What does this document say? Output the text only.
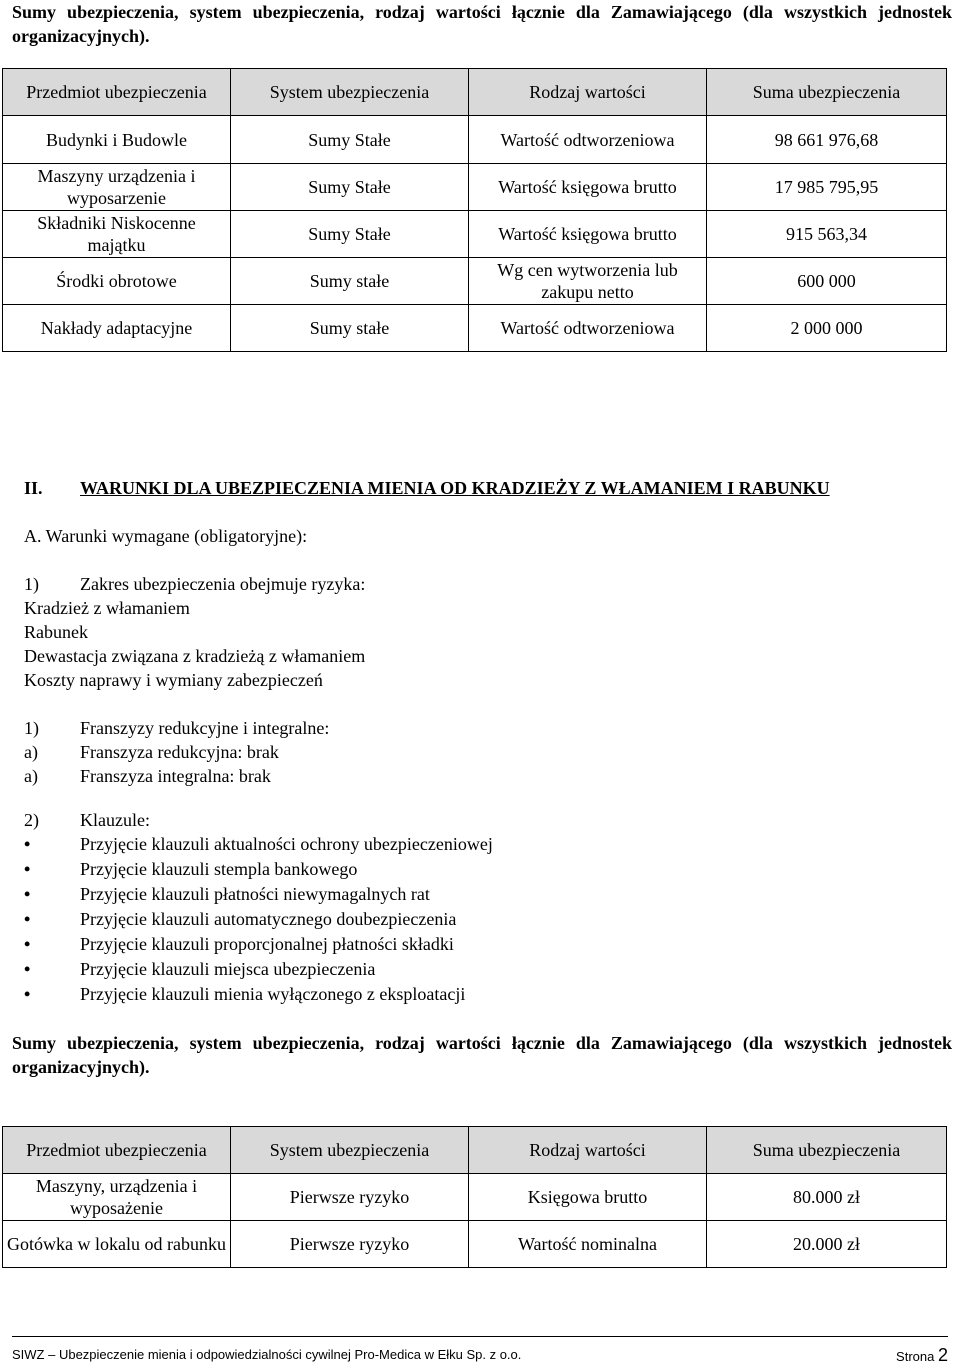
Sumy ubezpieczenia, system ubezpieczenia, rodzaj wartości łącznie dla Zamawiającego (dla wszystkich jednostek organizacyjnych).
Przedmiot ubezpieczenia	System ubezpieczenia	Rodzaj wartości	Suma ubezpieczenia
Budynki i Budowle	Sumy Stałe	Wartość odtworzeniowa	98 661 976,68
Maszyny urządzenia i wyposarzenie	Sumy Stałe	Wartość księgowa brutto	17 985 795,95
Składniki Niskocenne majątku	Sumy Stałe	Wartość księgowa brutto	915 563,34
Środki obrotowe	Sumy stałe	Wg cen wytworzenia lub zakupu netto	600 000
Nakłady adaptacyjne	Sumy stałe	Wartość odtworzeniowa	2 000 000
II. WARUNKI DLA UBEZPIECZENIA MIENIA OD KRADZIEŻY Z WŁAMANIEM I RABUNKU
A. Warunki wymagane (obligatoryjne):
1) Zakres ubezpieczenia obejmuje ryzyka:
Kradzież z włamaniem
Rabunek
Dewastacja związana z kradzieżą z włamaniem
Koszty naprawy i wymiany zabezpieczeń
1) Franszyzy redukcyjne i integralne:
a) Franszyza redukcyjna: brak
a) Franszyza integralna: brak
2) Klauzule:
•	Przyjęcie klauzuli aktualności ochrony ubezpieczeniowej
•	Przyjęcie klauzuli stempla bankowego
•	Przyjęcie klauzuli płatności niewymagalnych rat
•	Przyjęcie klauzuli automatycznego doubezpieczenia
•	Przyjęcie klauzuli proporcjonalnej płatności składki
•	Przyjęcie klauzuli miejsca ubezpieczenia
•	Przyjęcie klauzuli mienia wyłączonego z eksploatacji
Sumy ubezpieczenia, system ubezpieczenia, rodzaj wartości łącznie dla Zamawiającego (dla wszystkich jednostek organizacyjnych).
Przedmiot ubezpieczenia	System ubezpieczenia	Rodzaj wartości	Suma ubezpieczenia
Maszyny, urządzenia i wyposażenie	Pierwsze ryzyko	Księgowa brutto	80.000 zł
Gotówka w lokalu od rabunku	Pierwsze ryzyko	Wartość nominalna	20.000 zł
SIWZ – Ubezpieczenie mienia i odpowiedzialności cywilnej Pro-Medica w Ełku Sp. z o.o.	Strona 2
